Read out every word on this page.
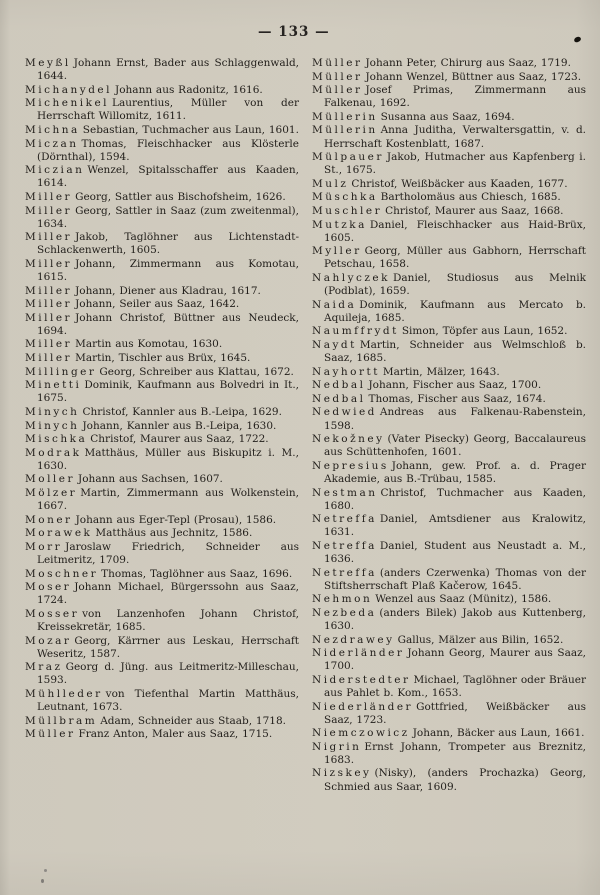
— 133 —

Meyßl Johann Ernst, Bader aus Schlaggenwald, 1644.

Michanydel Johann aus Radonitz, 1616.

Michenikel Laurentius, Müller von der Herrschaft Willomitz, 1611.

Michna Sebastian, Tuchmacher aus Laun, 1601.

Miczan Thomas, Fleischhacker aus Klösterle (Dörnthal), 1594.

Miczian Wenzel, Spitalsschaffer aus Kaaden, 1614.

Miller Georg, Sattler aus Bischofsheim, 1626.

Miller Georg, Sattler in Saaz (zum zweitenmal), 1634.

Miller Jakob, Taglöhner aus Lichtenstadt-Schlackenwerth, 1605.

Miller Johann, Zimmermann aus Komotau, 1615.

Miller Johann, Diener aus Kladrau, 1617.

Miller Johann, Seiler aus Saaz, 1642.

Miller Johann Christof, Büttner aus Neudeck, 1694.

Miller Martin aus Komotau, 1630.

Miller Martin, Tischler aus Brüx, 1645.

Millinger Georg, Schreiber aus Klattau, 1672.

Minetti Dominik, Kaufmann aus Bolvedri in It., 1675.

Minych Christof, Kannler aus B.-Leipa, 1629.

Minych Johann, Kannler aus B.-Leipa, 1630.

Mischka Christof, Maurer aus Saaz, 1722.

Modrak Matthäus, Müller aus Biskupitz i. M., 1630.

Moller Johann aus Sachsen, 1607.

Mölzer Martin, Zimmermann aus Wolkenstein, 1667.

Moner Johann aus Eger-Tepl (Prosau), 1586.

Morawek Matthäus aus Jechnitz, 1586.

Morr Jaroslaw Friedrich, Schneider aus Leitmeritz, 1709.

Moschner Thomas, Taglöhner aus Saaz, 1696.

Moser Johann Michael, Bürgerssohn aus Saaz, 1724.

Mosser von Lanzenhofen Johann Christof, Kreissekretär, 1685.

Mozar Georg, Kärrner aus Leskau, Herrschaft Weseritz, 1587.

Mraz Georg d. Jüng. aus Leitmeritz-Milleschau, 1593.

Mühlleder von Tiefenthal Martin Matthäus, Leutnant, 1673.

Müllbram Adam, Schneider aus Staab, 1718.

Müller Franz Anton, Maler aus Saaz, 1715.

Müller Johann Peter, Chirurg aus Saaz, 1719.

Müller Johann Wenzel, Büttner aus Saaz, 1723.

Müller Josef Primas, Zimmermann aus Falkenau, 1692.

Müllerin Susanna aus Saaz, 1694.

Müllerin Anna Juditha, Verwaltersgattin, v. d. Herrschaft Kostenblatt, 1687.

Mülpauer Jakob, Hutmacher aus Kapfenberg i. St., 1675.

Mulz Christof, Weißbäcker aus Kaaden, 1677.

Müschka Bartholomäus aus Chiesch, 1685.

Muschler Christof, Maurer aus Saaz, 1668.

Mutzka Daniel, Fleischhacker aus Haid-Brüx, 1605.

Myller Georg, Müller aus Gabhorn, Herrschaft Petschau, 1658.

Nahlyczek Daniel, Studiosus aus Melnik (Podblat), 1659.

Naida Dominik, Kaufmann aus Mercato b. Aquileja, 1685.

Naumffrydt Simon, Töpfer aus Laun, 1652.

Naydt Martin, Schneider aus Welmschloß b. Saaz, 1685.

Nayhortt Martin, Mälzer, 1643.

Nedbal Johann, Fischer aus Saaz, 1700.

Nedbal Thomas, Fischer aus Saaz, 1674.

Nedwied Andreas aus Falkenau-Rabenstein, 1598.

Nekožney (Vater Pisecky) Georg, Baccalaureus aus Schüttenhofen, 1601.

Nepresius Johann, gew. Prof. a. d. Prager Akademie, aus B.-Trübau, 1585.

Nestman Christof, Tuchmacher aus Kaaden, 1680.

Netreffa Daniel, Amtsdiener aus Kralowitz, 1631.

Netreffa Daniel, Student aus Neustadt a. M., 1636.

Netreffa (anders Czerwenka) Thomas von der Stiftsherrschaft Plaß Kačerow, 1645.

Nehmon Wenzel aus Saaz (Münitz), 1586.

Nezbeda (anders Bilek) Jakob aus Kuttenberg, 1630.

Nezdrawey Gallus, Mälzer aus Bilin, 1652.

Niderländer Johann Georg, Maurer aus Saaz, 1700.

Niderstedter Michael, Taglöhner oder Bräuer aus Pahlet b. Kom., 1653.

Niederländer Gottfried, Weißbäcker aus Saaz, 1723.

Niemczowicz Johann, Bäcker aus Laun, 1661.

Nigrin Ernst Johann, Trompeter aus Breznitz, 1683.

Nizskey (Nisky), (anders Prochazka) Georg, Schmied aus Saar, 1609.
